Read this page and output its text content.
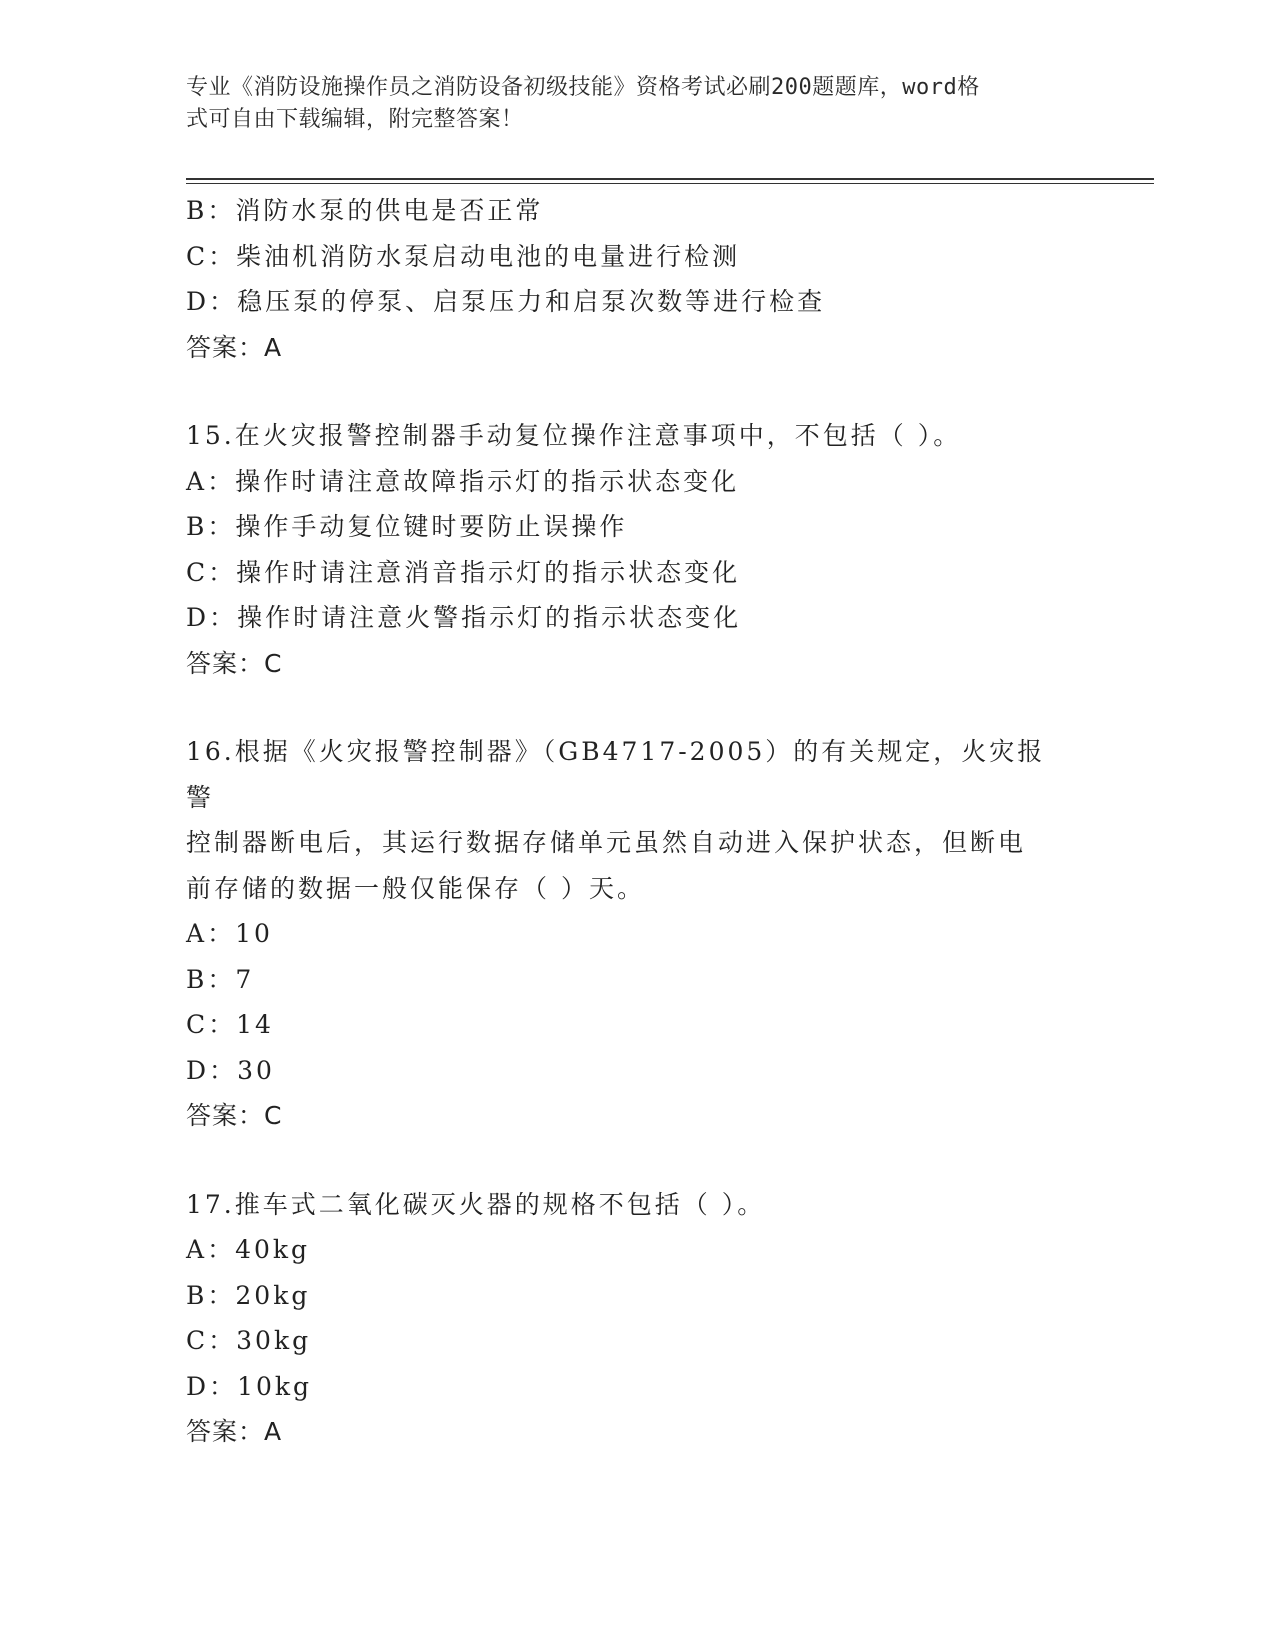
专业《消防设施操作员之消防设备初级技能》资格考试必刷200题题库，word格
式可自由下载编辑，附完整答案！
B：消防水泵的供电是否正常
C：柴油机消防水泵启动电池的电量进行检测
D：稳压泵的停泵、启泵压力和启泵次数等进行检查
答案：A
15.在火灾报警控制器手动复位操作注意事项中，不包括（ ）。
A：操作时请注意故障指示灯的指示状态变化
B：操作手动复位键时要防止误操作
C：操作时请注意消音指示灯的指示状态变化
D：操作时请注意火警指示灯的指示状态变化
答案：C
16.根据《火灾报警控制器》（GB4717-2005）的有关规定，火灾报警
控制器断电后，其运行数据存储单元虽然自动进入保护状态，但断电
前存储的数据一般仅能保存（ ）天。
A：10
B：7
C：14
D：30
答案：C
17.推车式二氧化碳灭火器的规格不包括（ ）。
A：40kg
B：20kg
C：30kg
D：10kg
答案：A
